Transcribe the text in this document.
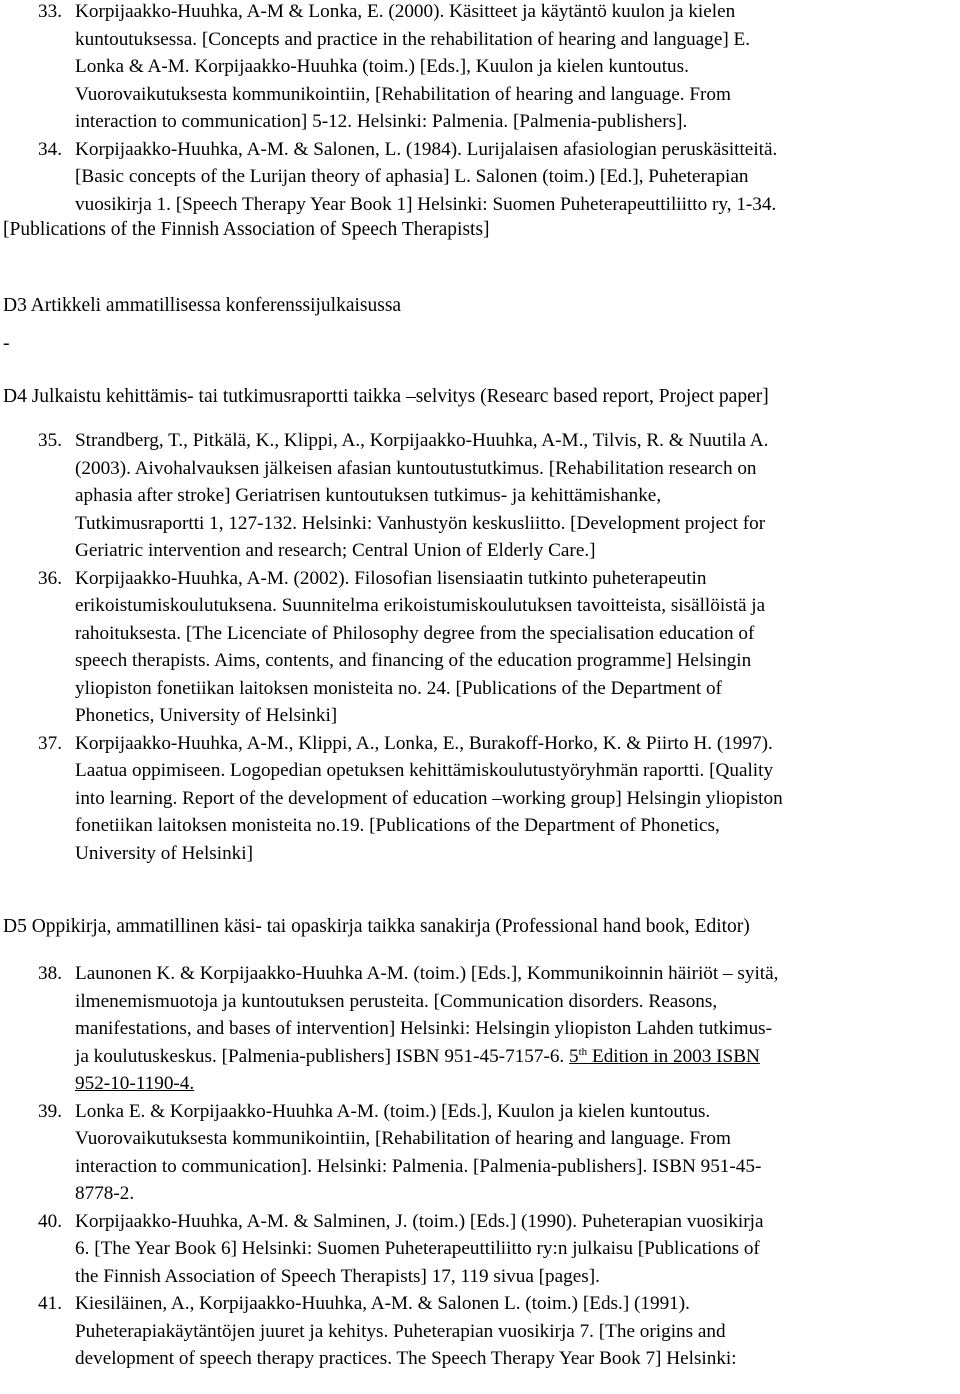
33. Korpijaakko-Huuhka, A-M & Lonka, E. (2000). Käsitteet ja käytäntö kuulon ja kielen
kuntoutuksessa. [Concepts and practice in the rehabilitation of hearing and language] E.
Lonka & A-M. Korpijaakko-Huuhka (toim.) [Eds.], Kuulon ja kielen kuntoutus.
Vuorovaikutuksesta kommunikointiin, [Rehabilitation of hearing and language. From
interaction to communication] 5-12. Helsinki: Palmenia. [Palmenia-publishers].
34. Korpijaakko-Huuhka, A-M. & Salonen, L. (1984). Lurijalaisen afasiologian peruskäsitteitä.
[Basic concepts of the Lurijan theory of aphasia] L. Salonen (toim.) [Ed.], Puheterapian
vuosikirja 1. [Speech Therapy Year Book 1] Helsinki: Suomen Puheterapeuttiliitto ry, 1-34.
[Publications of the Finnish Association of Speech Therapists]
D3 Artikkeli ammatillisessa konferenssijulkaisussa
-
D4 Julkaistu kehittämis- tai tutkimusraportti taikka –selvitys (Researc based report, Project paper]
35. Strandberg, T., Pitkälä, K., Klippi, A., Korpijaakko-Huuhka, A-M., Tilvis, R. & Nuutila A.
(2003). Aivohalvauksen jälkeisen afasian kuntoutustutkimus. [Rehabilitation research on
aphasia after stroke] Geriatrisen kuntoutuksen tutkimus- ja kehittämishanke,
Tutkimusraportti 1, 127-132. Helsinki: Vanhustyön keskusliitto. [Development project for
Geriatric intervention and research; Central Union of Elderly Care.]
36. Korpijaakko-Huuhka, A-M. (2002). Filosofian lisensiaatin tutkinto puheterapeutin
erikoistumiskoulutuksena. Suunnitelma erikoistumiskoulutuksen tavoitteista, sisällöistä ja
rahoituksesta. [The Licenciate of Philosophy degree from the specialisation education of
speech therapists. Aims, contents, and financing of the education programme] Helsingin
yliopiston fonetiikan laitoksen monisteita no. 24. [Publications of the Department of
Phonetics, University of Helsinki]
37. Korpijaakko-Huuhka, A-M., Klippi, A., Lonka, E., Burakoff-Horko, K. & Piirto H. (1997).
Laatua oppimiseen. Logopedian opetuksen kehittämiskoulutustyöryhmän raportti. [Quality
into learning. Report of the development of education –working group] Helsingin yliopiston
fonetiikan laitoksen monisteita no.19. [Publications of the Department of Phonetics,
University of Helsinki]
D5 Oppikirja, ammatillinen käsi- tai opaskirja taikka sanakirja (Professional hand book, Editor)
38. Launonen K. & Korpijaakko-Huuhka A-M. (toim.) [Eds.], Kommunikoinnin häiriöt – syitä,
ilmenemismuotoja ja kuntoutuksen perusteita. [Communication disorders. Reasons,
manifestations, and bases of intervention] Helsinki: Helsingin yliopiston Lahden tutkimus-
ja koulutuskeskus. [Palmenia-publishers] ISBN 951-45-7157-6. 5th Edition in 2003 ISBN
952-10-1190-4.
39. Lonka E. & Korpijaakko-Huuhka A-M. (toim.) [Eds.], Kuulon ja kielen kuntoutus.
Vuorovaikutuksesta kommunikointiin, [Rehabilitation of hearing and language. From
interaction to communication]. Helsinki: Palmenia. [Palmenia-publishers]. ISBN 951-45-
8778-2.
40. Korpijaakko-Huuhka, A-M. & Salminen, J. (toim.) [Eds.] (1990). Puheterapian vuosikirja
6. [The Year Book 6] Helsinki: Suomen Puheterapeuttiliitto ry:n julkaisu [Publications of
the Finnish Association of Speech Therapists] 17, 119 sivua [pages].
41. Kiesiläinen, A., Korpijaakko-Huuhka, A-M. & Salonen L. (toim.) [Eds.] (1991).
Puheterapiakäytäntöjen juuret ja kehitys. Puheterapian vuosikirja 7. [The origins and
development of speech therapy practices. The Speech Therapy Year Book 7] Helsinki:
